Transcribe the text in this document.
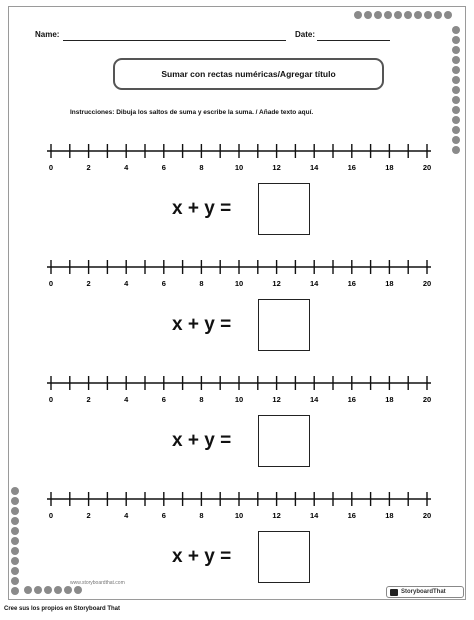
Name:	Date:
Sumar con rectas numéricas/Agregar título
Instrucciones: Dibuja los saltos de suma y escribe la suma. / Añade texto aquí.
0	2	4	6	8	10	12	14	16	18	20
0	2	4	6	8	10	12	14	16	18	20
0	2	4	6	8	10	12	14	16	18	20
0	2	4	6	8	10	12	14	16	18	20
x + y =
x + y =
x + y =
x + y =
www.storyboardthat.com
StoryboardThat
Cree sus los propios en Storyboard That
